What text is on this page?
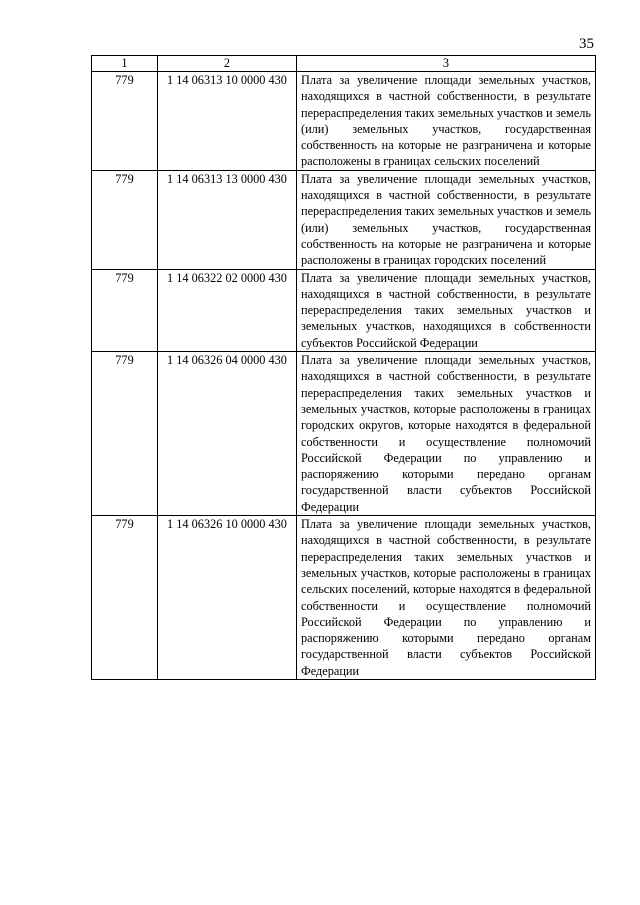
35
1	2	3
779	1 14 06313 10 0000 430	Плата за увеличение площади земельных участков, находящихся в частной собственности, в результате перераспределения таких земельных участков и земель (или) земельных участков, государственная собственность на которые не разграничена и которые расположены в границах сельских поселений
779	1 14 06313 13 0000 430	Плата за увеличение площади земельных участков, находящихся в частной собственности, в результате перераспределения таких земельных участков и земель (или) земельных участков, государственная собственность на которые не разграничена и которые расположены в границах городских поселений
779	1 14 06322 02 0000 430	Плата за увеличение площади земельных участков, находящихся в частной собственности, в результате перераспределения таких земельных участков и земельных участков, находящихся в собственности субъектов Российской Федерации
779	1 14 06326 04 0000 430	Плата за увеличение площади земельных участков, находящихся в частной собственности, в результате перераспределения таких земельных участков и земельных участков, которые расположены в границах городских округов, которые находятся в федеральной собственности и осуществление полномочий Российской Федерации по управлению и распоряжению которыми передано органам государственной власти субъектов Российской Федерации
779	1 14 06326 10 0000 430	Плата за увеличение площади земельных участков, находящихся в частной собственности, в результате перераспределения таких земельных участков и земельных участков, которые расположены в границах сельских поселений, которые находятся в федеральной собственности и осуществление полномочий Российской Федерации по управлению и распоряжению которыми передано органам государственной власти субъектов Российской Федерации
